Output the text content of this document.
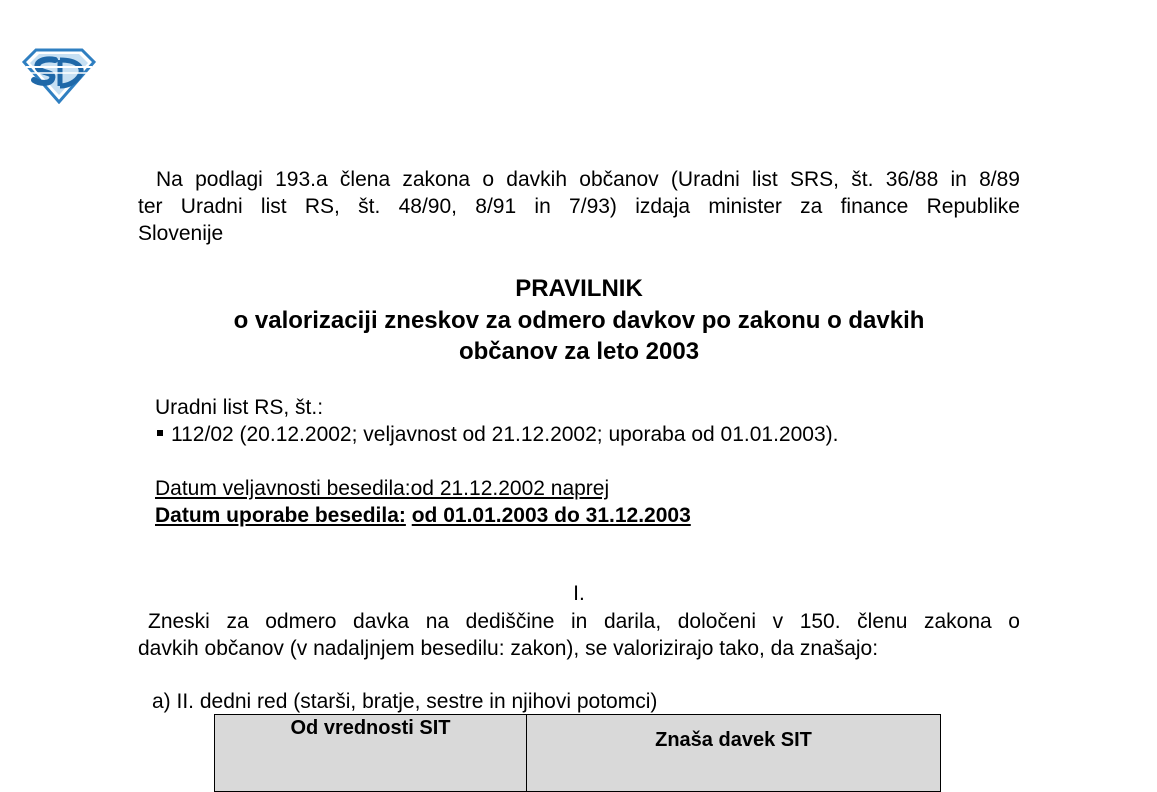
Na podlagi 193.a člena zakona o davkih občanov (Uradni list SRS, št. 36/88 in 8/89
ter Uradni list RS, št. 48/90, 8/91 in 7/93) izdaja minister za finance Republike
Slovenije
PRAVILNIK
o valorizaciji zneskov za odmero davkov po zakonu o davkih
občanov za leto 2003
Uradni list RS, št.:
112/02 (20.12.2002; veljavnost od 21.12.2002; uporaba od 01.01.2003).
Datum veljavnosti besedila:od 21.12.2002 naprej
Datum uporabe besedila: od 01.01.2003 do 31.12.2003
I.
Zneski za odmero davka na dediščine in darila, določeni v 150. členu zakona o
davkih občanov (v nadaljnjem besedilu: zakon), se valorizirajo tako, da znašajo:
a) II. dedni red (starši, bratje, sestre in njihovi potomci)
Od vrednosti SIT	Znaša davek SIT
